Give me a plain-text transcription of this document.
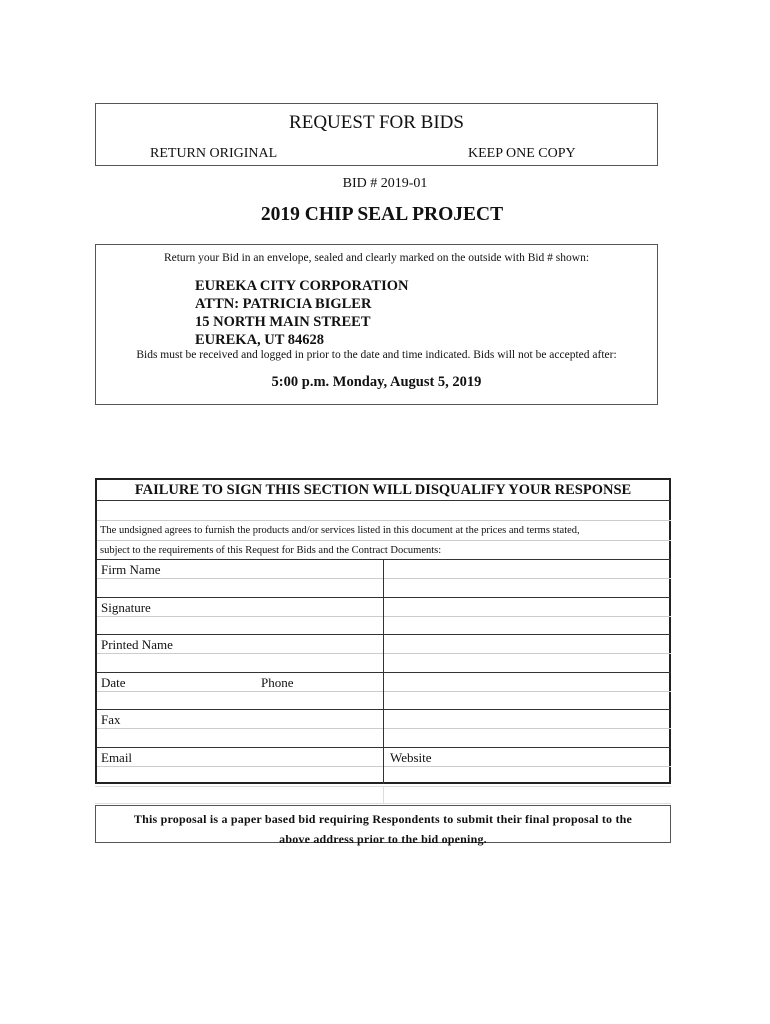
REQUEST FOR BIDS
RETURN ORIGINAL	KEEP ONE COPY
BID # 2019-01
2019 CHIP SEAL PROJECT
Return your Bid in an envelope, sealed and clearly marked on the outside with Bid # shown:
EUREKA CITY CORPORATION
ATTN: PATRICIA BIGLER
15 NORTH MAIN STREET
EUREKA, UT 84628
Bids must be received and logged in prior to the date and time indicated. Bids will not be accepted after:
5:00 p.m. Monday, August 5, 2019
FAILURE TO SIGN THIS SECTION WILL DISQUALIFY YOUR RESPONSE
The undsigned agrees to furnish the products and/or services listed in this document at the prices and terms stated,
subject to the requirements of this Request for Bids and the Contract Documents:
Firm Name
Signature
Printed Name
Date	Phone
Fax
Email	Website
This proposal is a paper based bid requiring Respondents to submit their final proposal to the
above address prior to the bid opening.
